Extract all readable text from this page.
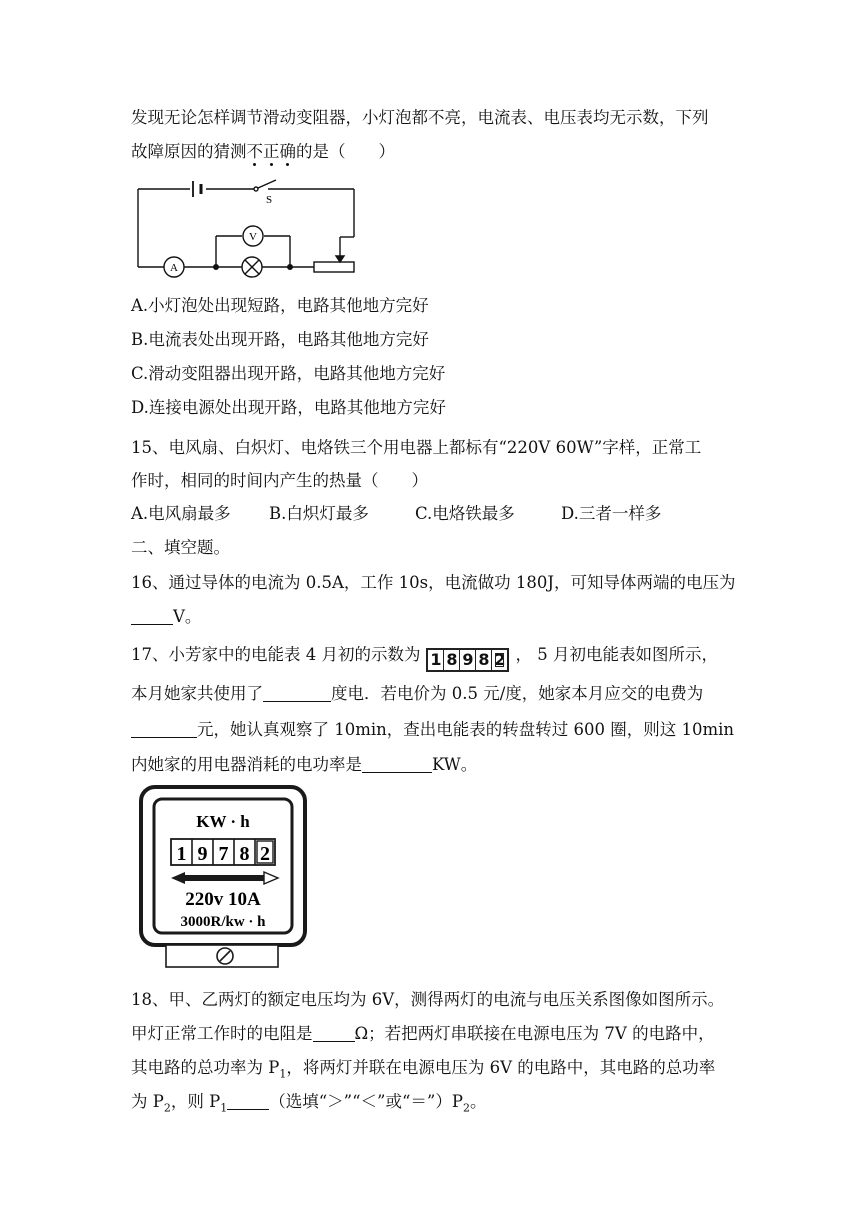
发现无论怎样调节滑动变阻器，小灯泡都不亮，电流表、电压表均无示数，下列
故障原因的猜测不正确的是（　　）
S
V
A
A.小灯泡处出现短路，电路其他地方完好
B.电流表处出现开路，电路其他地方完好
C.滑动变阻器出现开路，电路其他地方完好
D.连接电源处出现开路，电路其他地方完好
15、电风扇、白炽灯、电烙铁三个用电器上都标有“220V 60W”字样，正常工
作时，相同的时间内产生的热量（　　）
A.电风扇最多 B.白炽灯最多	C.电烙铁最多	D.三者一样多
二、填空题。
16、通过导体的电流为 0.5A，工作 10s，电流做功 180J，可知导体两端的电压为
V。
17、小芳家中的电能表 4 月初的示数为 1 8 9 8 2 ， 5 月初电能表如图所示，
本月她家共使用了	度电．若电价为 0.5 元/度，她家本月应交的电费为
元，她认真观察了 10min，查出电能表的转盘转过 600 圈，则这 10min
内她家的用电器消耗的电功率是	KW。
KW · h
1 9 7 8 2
220v 10A
3000R/kw · h
18、甲、乙两灯的额定电压均为 6V，测得两灯的电流与电压关系图像如图所示。
甲灯正常工作时的电阻是	Ω；若把两灯串联接在电源电压为 7V 的电路中，
其电路的总功率为 $P_1$，将两灯并联在电源电压为 6V 的电路中，其电路的总功率
为 $P_2$，则 $P_1$	（选填“＞”“＜”或“$=”)P_2$。
